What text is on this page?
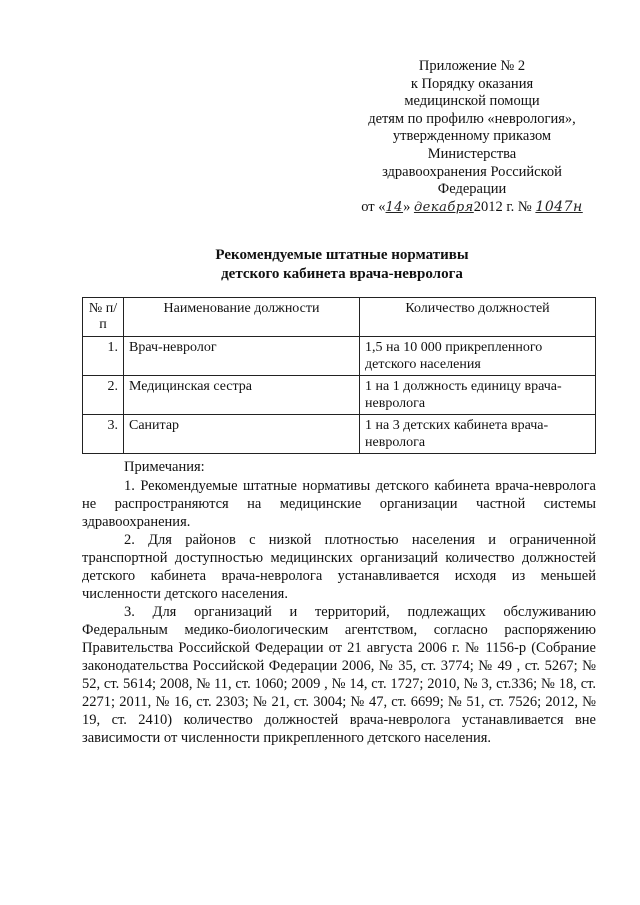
Приложение № 2
к Порядку оказания
медицинской помощи
детям по профилю «неврология»,
утвержденному приказом
Министерства
здравоохранения Российской
Федерации
от «14» декабря2012 г. № 1047н
Рекомендуемые штатные нормативы
детского кабинета врача-невролога
№ п/п	Наименование должности	Количество должностей
1.	Врач-невролог	1,5 на 10 000 прикрепленного детского населения
2.	Медицинская сестра	1 на 1 должность единицу врача-невролога
3.	Санитар	1 на 3 детских кабинета врача-невролога

Примечания:

1. Рекомендуемые штатные нормативы детского кабинета врача-невролога не распространяются на медицинские организации частной системы здравоохранения.

2. Для районов с низкой плотностью населения и ограниченной транспортной доступностью медицинских организаций количество должностей детского кабинета врача-невролога устанавливается исходя из меньшей численности детского населения.

3. Для организаций и территорий, подлежащих обслуживанию Федеральным медико-биологическим агентством, согласно распоряжению Правительства Российской Федерации от 21 августа 2006 г. № 1156-р (Собрание законодательства Российской Федерации 2006, № 35, ст. 3774; № 49 , ст. 5267; № 52, ст. 5614; 2008, № 11, ст. 1060; 2009 , № 14, ст. 1727; 2010, № 3, ст.336; № 18, ст. 2271; 2011, № 16, ст. 2303; № 21, ст. 3004; № 47, ст. 6699; № 51, ст. 7526; 2012, № 19, ст. 2410) количество должностей врача-невролога устанавливается вне зависимости от численности прикрепленного детского населения.
